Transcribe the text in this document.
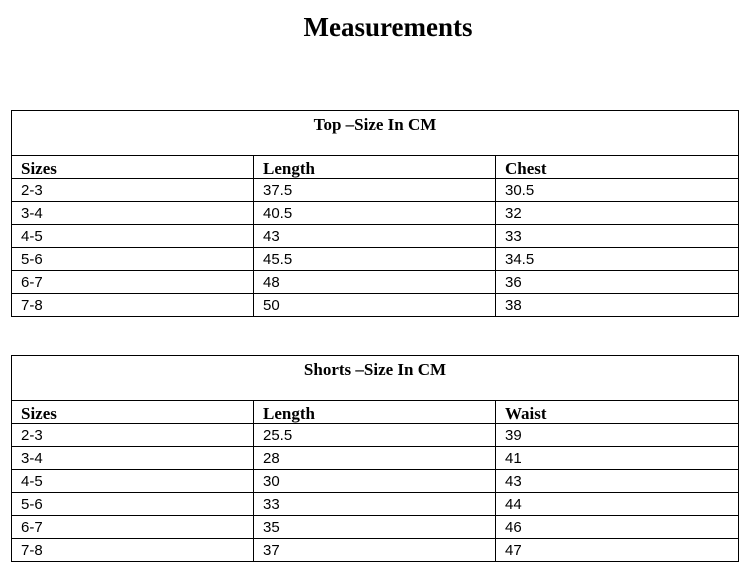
Measurements
Top –Size In CM		
Sizes	Length	Chest
2-3	37.5	30.5
3-4	40.5	32
4-5	43	33
5-6	45.5	34.5
6-7	48	36
7-8	50	38
Shorts –Size In CM		
Sizes	Length	Waist
2-3	25.5	39
3-4	28	41
4-5	30	43
5-6	33	44
6-7	35	46
7-8	37	47
